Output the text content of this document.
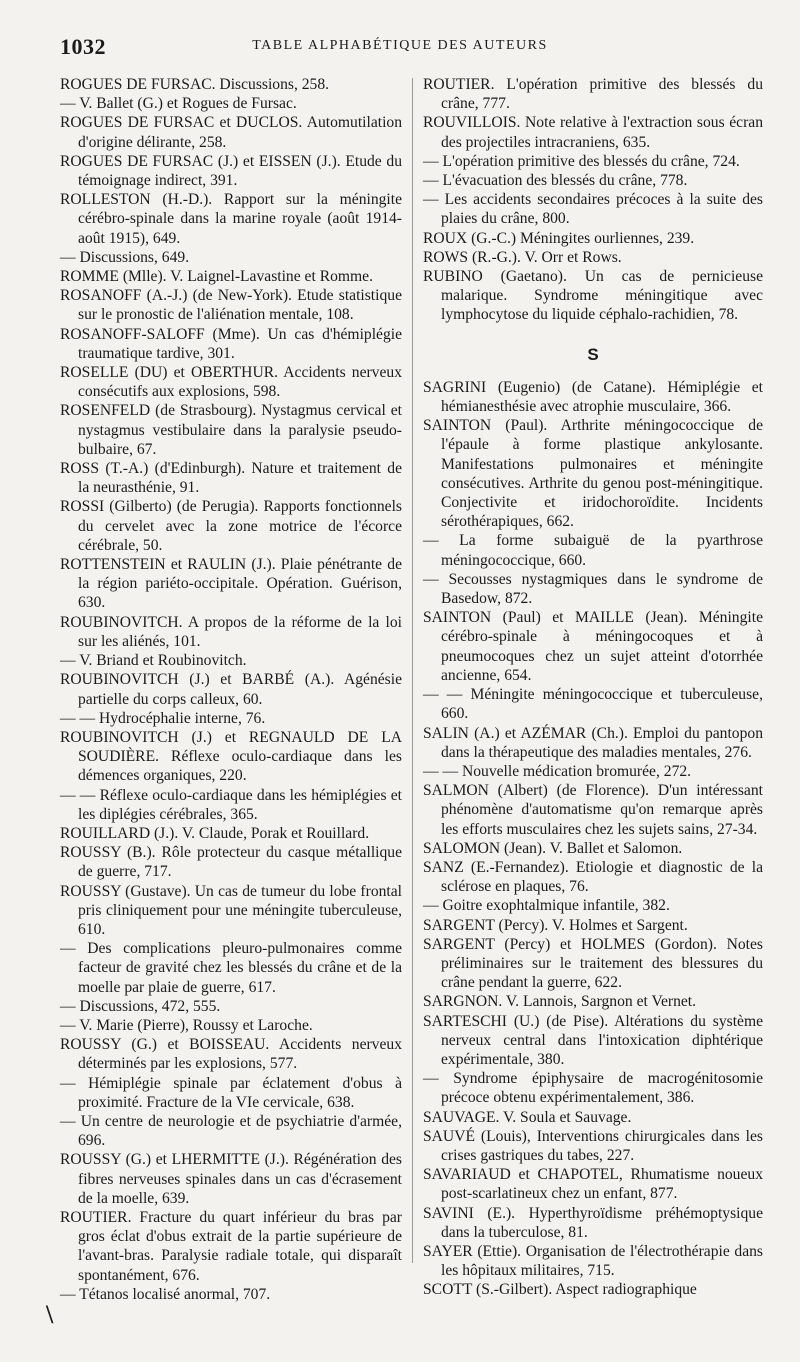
1032	TABLE ALPHABÉTIQUE DES AUTEURS
ROGUES DE FURSAC. Discussions, 258.
— V. Ballet (G.) et Rogues de Fursac.
ROGUES DE FURSAC et DUCLOS. Automutilation d'origine délirante, 258.
ROGUES DE FURSAC (J.) et EISSEN (J.). Etude du témoignage indirect, 391.
ROLLESTON (H.-D.). Rapport sur la méningite cérébro-spinale dans la marine royale (août 1914-août 1915), 649.
— Discussions, 649.
ROMME (Mlle). V. Laignel-Lavastine et Romme.
ROSANOFF (A.-J.) (de New-York). Etude statistique sur le pronostic de l'aliénation mentale, 108.
ROSANOFF-SALOFF (Mme). Un cas d'hémiplégie traumatique tardive, 301.
ROSELLE (DU) et OBERTHUR. Accidents nerveux consécutifs aux explosions, 598.
ROSENFELD (de Strasbourg). Nystagmus cervical et nystagmus vestibulaire dans la paralysie pseudo-bulbaire, 67.
ROSS (T.-A.) (d'Edinburgh). Nature et traitement de la neurasthénie, 91.
ROSSI (Gilberto) (de Perugia). Rapports fonctionnels du cervelet avec la zone motrice de l'écorce cérébrale, 50.
ROTTENSTEIN et RAULIN (J.). Plaie pénétrante de la région pariéto-occipitale. Opération. Guérison, 630.
ROUBINOVITCH. A propos de la réforme de la loi sur les aliénés, 101.
— V. Briand et Roubinovitch.
ROUBINOVITCH (J.) et BARBÉ (A.). Agénésie partielle du corps calleux, 60.
— — Hydrocéphalie interne, 76.
ROUBINOVITCH (J.) et REGNAULD DE LA SOUDIÈRE. Réflexe oculo-cardiaque dans les démences organiques, 220.
— — Réflexe oculo-cardiaque dans les hémiplégies et les diplégies cérébrales, 365.
ROUILLARD (J.). V. Claude, Porak et Rouillard.
ROUSSY (B.). Rôle protecteur du casque métallique de guerre, 717.
ROUSSY (Gustave). Un cas de tumeur du lobe frontal pris cliniquement pour une méningite tuberculeuse, 610.
— Des complications pleuro-pulmonaires comme facteur de gravité chez les blessés du crâne et de la moelle par plaie de guerre, 617.
— Discussions, 472, 555.
— V. Marie (Pierre), Roussy et Laroche.
ROUSSY (G.) et BOISSEAU. Accidents nerveux déterminés par les explosions, 577.
— Hémiplégie spinale par éclatement d'obus à proximité. Fracture de la VIe cervicale, 638.
— Un centre de neurologie et de psychiatrie d'armée, 696.
ROUSSY (G.) et LHERMITTE (J.). Régénération des fibres nerveuses spinales dans un cas d'écrasement de la moelle, 639.
ROUTIER. Fracture du quart inférieur du bras par gros éclat d'obus extrait de la partie supérieure de l'avant-bras. Paralysie radiale totale, qui disparaît spontanément, 676.
— Tétanos localisé anormal, 707.
ROUTIER. L'opération primitive des blessés du crâne, 777.
ROUVILLOIS. Note relative à l'extraction sous écran des projectiles intracraniens, 635.
— L'opération primitive des blessés du crâne, 724.
— L'évacuation des blessés du crâne, 778.
— Les accidents secondaires précoces à la suite des plaies du crâne, 800.
ROUX (G.-C.) Méningites ourliennes, 239.
ROWS (R.-G.). V. Orr et Rows.
RUBINO (Gaetano). Un cas de pernicieuse malarique. Syndrome méningitique avec lymphocytose du liquide céphalo-rachidien, 78.
S
SAGRINI (Eugenio) (de Catane). Hémiplégie et hémianesthésie avec atrophie musculaire, 366.
SAINTON (Paul). Arthrite méningococcique de l'épaule à forme plastique ankylosante. Manifestations pulmonaires et méningite consécutives. Arthrite du genou post-méningitique. Conjectivite et iridochoroïdite. Incidents sérothérapiques, 662.
— La forme subaiguë de la pyarthrose méningococcique, 660.
— Secousses nystagmiques dans le syndrome de Basedow, 872.
SAINTON (Paul) et MAILLE (Jean). Méningite cérébro-spinale à méningocoques et à pneumocoques chez un sujet atteint d'otorrhée ancienne, 654.
— — Méningite méningococcique et tuberculeuse, 660.
SALIN (A.) et AZÉMAR (Ch.). Emploi du pantopon dans la thérapeutique des maladies mentales, 276.
— — Nouvelle médication bromurée, 272.
SALMON (Albert) (de Florence). D'un intéressant phénomène d'automatisme qu'on remarque après les efforts musculaires chez les sujets sains, 27-34.
SALOMON (Jean). V. Ballet et Salomon.
SANZ (E.-Fernandez). Etiologie et diagnostic de la sclérose en plaques, 76.
— Goitre exophtalmique infantile, 382.
SARGENT (Percy). V. Holmes et Sargent.
SARGENT (Percy) et HOLMES (Gordon). Notes préliminaires sur le traitement des blessures du crâne pendant la guerre, 622.
SARGNON. V. Lannois, Sargnon et Vernet.
SARTESCHI (U.) (de Pise). Altérations du système nerveux central dans l'intoxication diphtérique expérimentale, 380.
— Syndrome épiphysaire de macrogénitosomie précoce obtenu expérimentalement, 386.
SAUVAGE. V. Soula et Sauvage.
SAUVÉ (Louis), Interventions chirurgicales dans les crises gastriques du tabes, 227.
SAVARIAUD et CHAPOTEL, Rhumatisme noueux post-scarlatineux chez un enfant, 877.
SAVINI (E.). Hyperthyroïdisme préhémoptysique dans la tuberculose, 81.
SAYER (Ettie). Organisation de l'électrothérapie dans les hôpitaux militaires, 715.
SCOTT (S.-Gilbert). Aspect radiographique
\
